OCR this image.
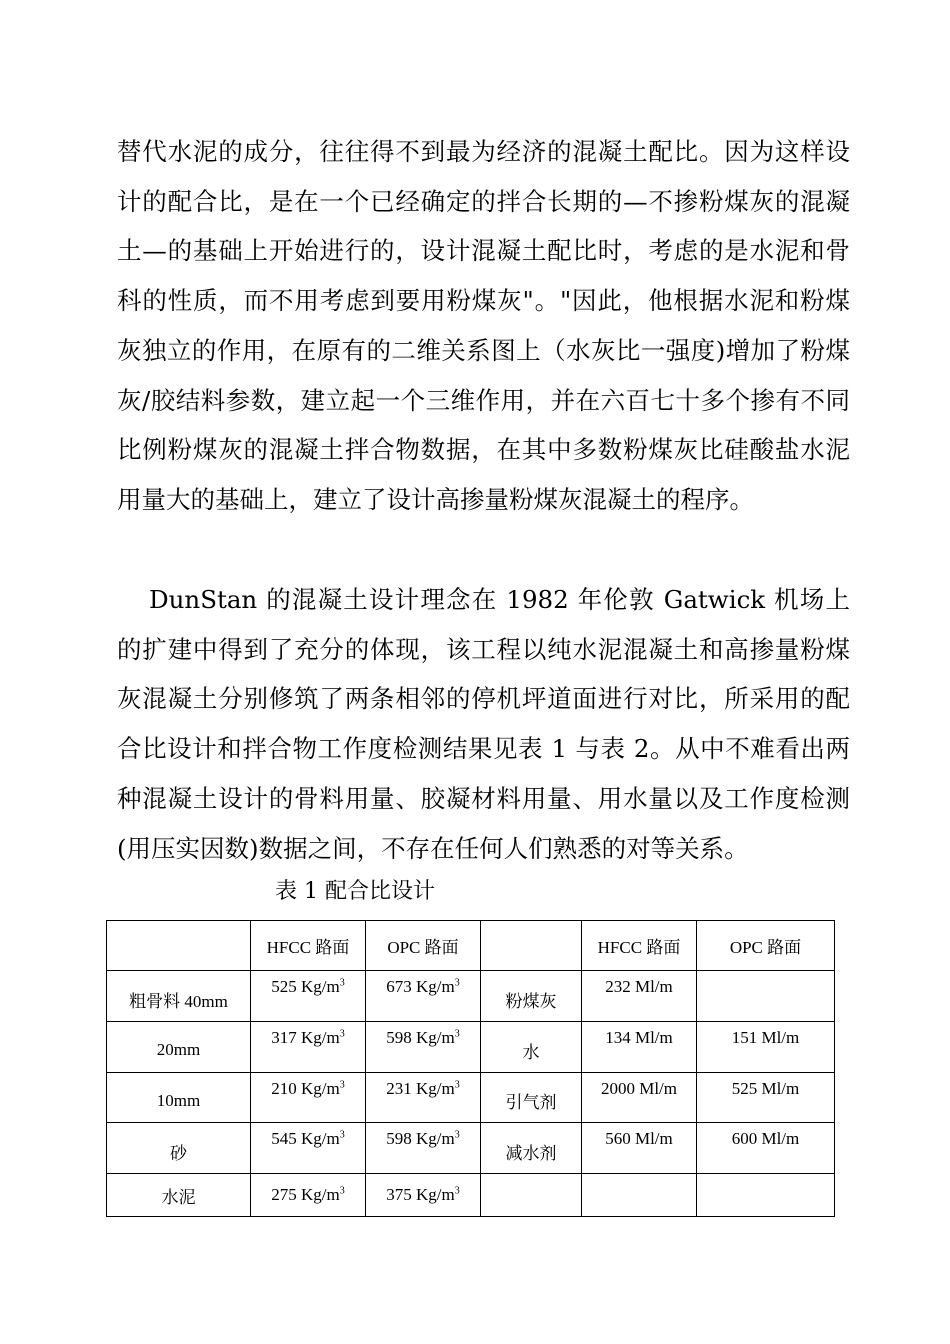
替代水泥的成分，往往得不到最为经济的混凝土配比。因为这样设计的配合比，是在一个已经确定的拌合长期的—不掺粉煤灰的混凝土—的基础上开始进行的，设计混凝土配比时，考虑的是水泥和骨科的性质，而不用考虑到要用粉煤灰"。"因此，他根据水泥和粉煤灰独立的作用，在原有的二维关系图上（水灰比一强度)增加了粉煤灰/胶结料参数，建立起一个三维作用，并在六百七十多个掺有不同比例粉煤灰的混凝土拌合物数据，在其中多数粉煤灰比硅酸盐水泥用量大的基础上，建立了设计高掺量粉煤灰混凝土的程序。

DunStan 的混凝土设计理念在 1982 年伦敦 Gatwick 机场上的扩建中得到了充分的体现，该工程以纯水泥混凝土和高掺量粉煤灰混凝土分别修筑了两条相邻的停机坪道面进行对比，所采用的配合比设计和拌合物工作度检测结果见表 1 与表 2。从中不难看出两种混凝土设计的骨料用量、胶凝材料用量、用水量以及工作度检测(用压实因数)数据之间，不存在任何人们熟悉的对等关系。

表 1 配合比设计
	HFCC 路面	OPC 路面		HFCC 路面	OPC 路面
粗骨料 40mm	525 $Kg/m^3$	673 $Kg/m^3$	粉煤灰	232 Ml/m	
20mm	317 $Kg/m^3$	598 $Kg/m^3$	水	134 Ml/m	151 Ml/m
10mm	210 $Kg/m^3$	231 $Kg/m^3$	引气剂	2000 Ml/m	525 Ml/m
砂	545 $Kg/m^3$	598 $Kg/m^3$	减水剂	560 Ml/m	600 Ml/m
水泥	275 $Kg/m^3$	375 $Kg/m^3$			
